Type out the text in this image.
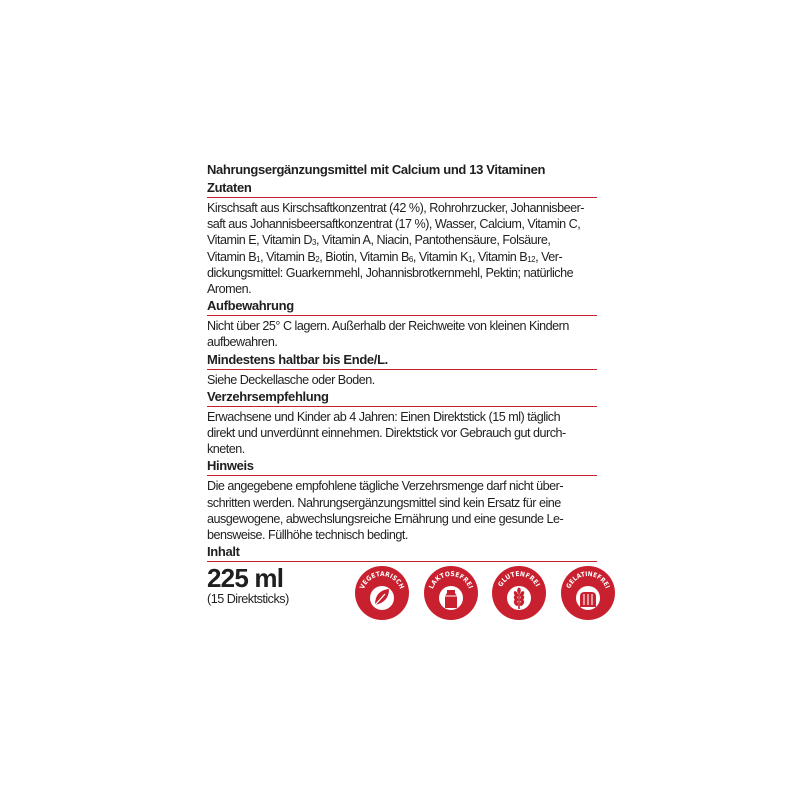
Nahrungsergänzungsmittel mit Calcium und 13 Vitaminen
Zutaten

Kirschsaft aus Kirschsaftkonzentrat (42 %), Rohrohrzucker, Johannisbeer-

saft aus Johannisbeersaftkonzentrat (17 %), Wasser, Calcium, Vitamin C,

Vitamin E, Vitamin $D_3$, Vitamin A, Niacin, Pantothensäure, Folsäure,

Vitamin $B_1$, Vitamin $B_2$, Biotin, Vitamin $B_6$, Vitamin $K_1$, Vitamin $B_{12}$, Ver-

dickungsmittel: Guarkernmehl, Johannisbrotkernmehl, Pektin; natürliche

Aromen.

Aufbewahrung

Nicht über 25° C lagern. Außerhalb der Reichweite von kleinen Kindern

aufbewahren.

Mindestens haltbar bis Ende/L.

Siehe Deckellasche oder Boden.

Verzehrsempfehlung

Erwachsene und Kinder ab 4 Jahren: Einen Direktstick (15 ml) täglich

direkt und unverdünnt einnehmen. Direktstick vor Gebrauch gut durch-

kneten.

Hinweis

Die angegebene empfohlene tägliche Verzehrsmenge darf nicht über-

schritten werden. Nahrungsergänzungsmittel sind kein Ersatz für eine

ausgewogene, abwechslungsreiche Ernährung und eine gesunde Le-

bensweise. Füllhöhe technisch bedingt.

Inhalt
225 ml
(15 Direktsticks)
VEGETARISCH	LAKTOSEFREI	GLUTENFREI	GELATINEFREI
